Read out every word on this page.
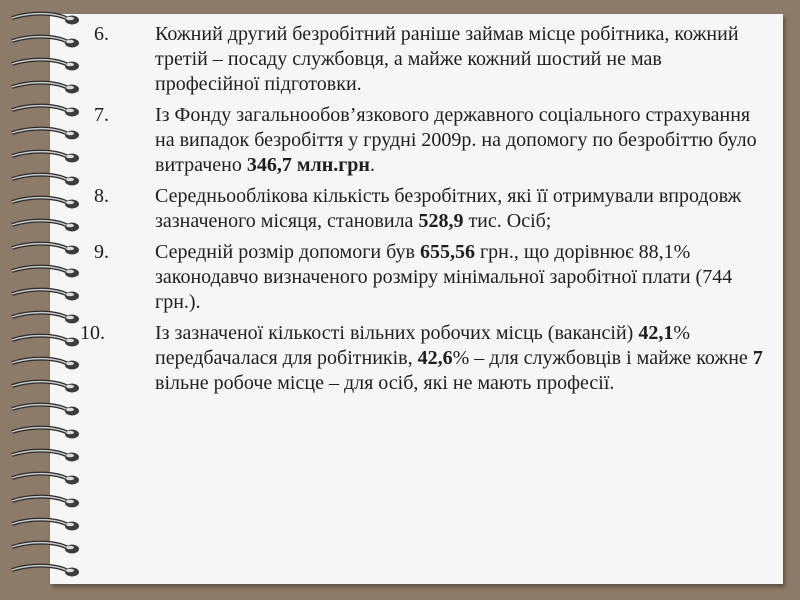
6.	Кожний другий безробітний раніше займав місце робітника, кожний третій – посаду службовця, а майже кожний шостий не мав професійної підготовки.
7.	Із Фонду загальнообов’язкового державного соціального страхування на випадок безробіття у грудні 2009р. на допомогу по безробіттю було витрачено 346,7 млн.грн.
8.	Середньооблікова кількість безробітних, які її отримували впродовж зазначеного місяця, становила 528,9 тис. Осіб;
9.	Середній розмір допомоги був 655,56 грн., що дорівнює 88,1% законодавчо визначеного розміру мінімальної заробітної плати (744 грн.).
10.	Із зазначеної кількості вільних робочих місць (вакансій) 42,1% передбачалася для робітників, 42,6% – для службовців і майже кожне 7 вільне робоче місце – для осіб, які не мають професії.
